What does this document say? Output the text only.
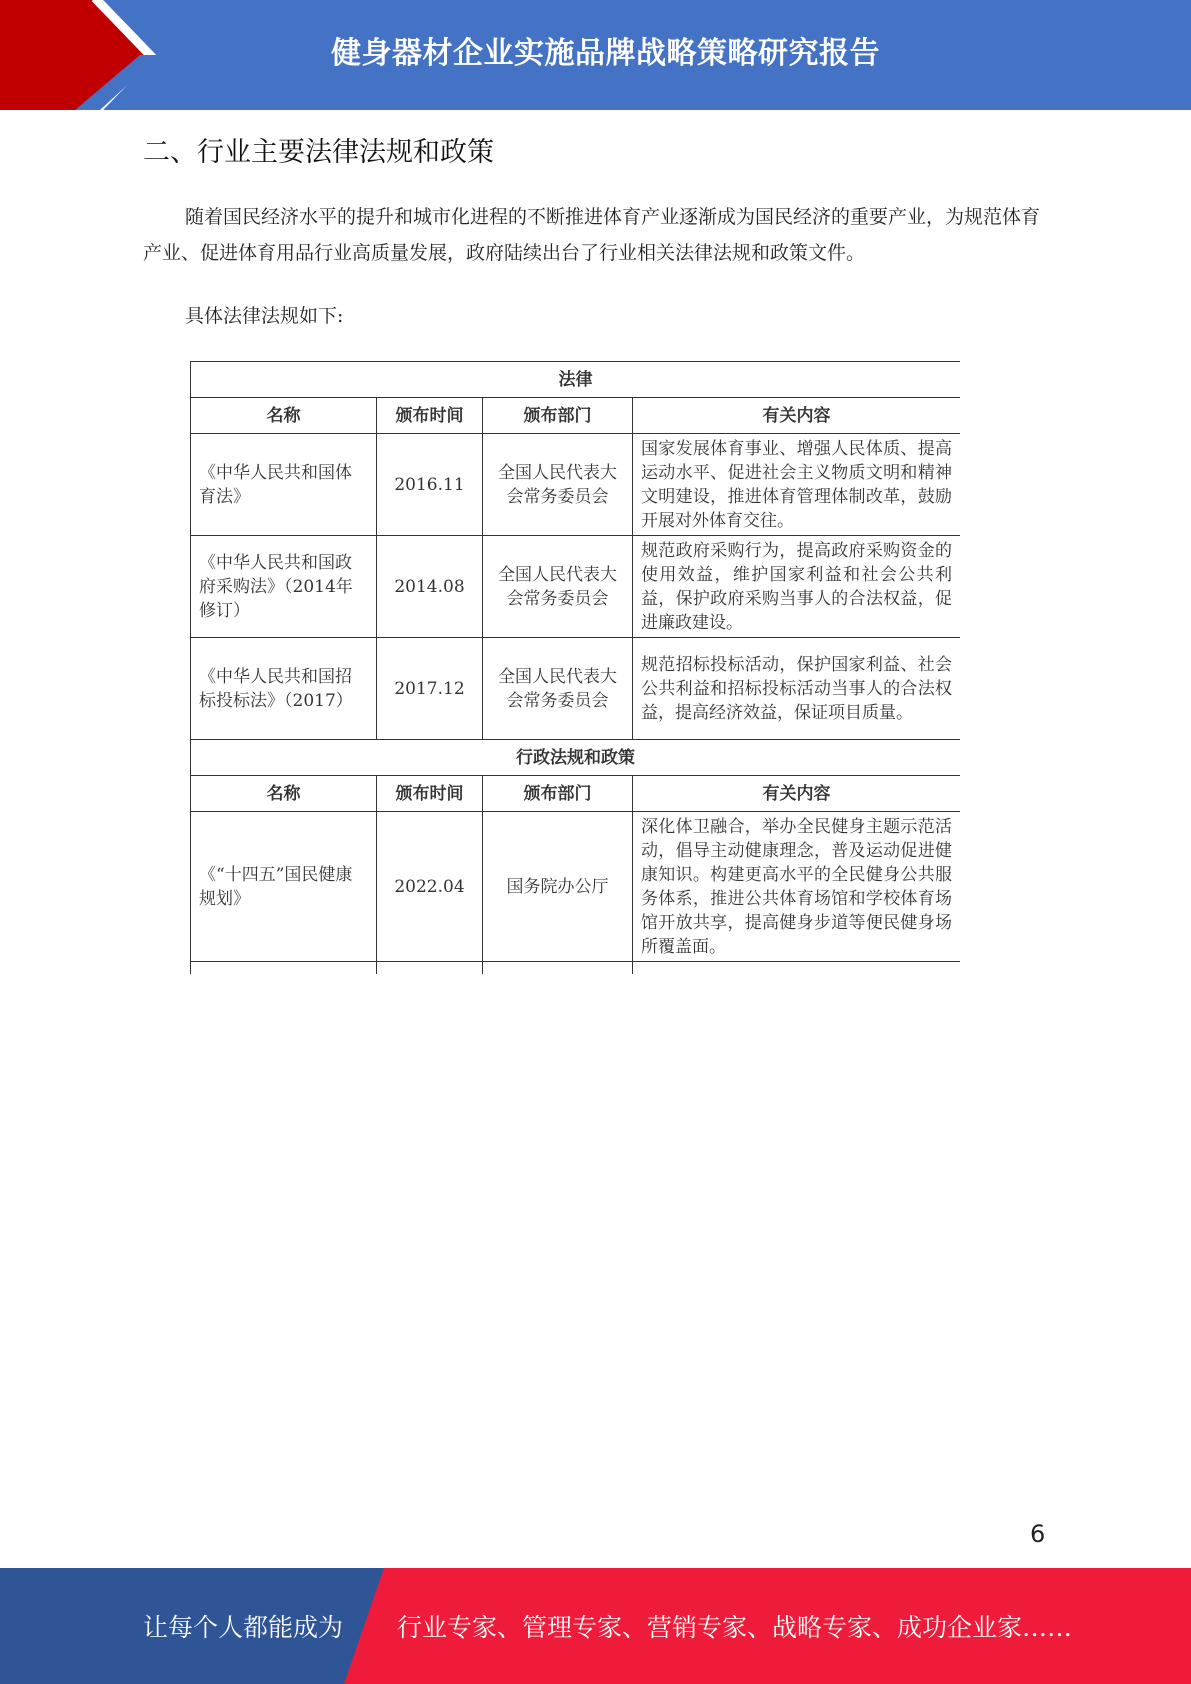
健身器材企业实施品牌战略策略研究报告
二、行业主要法律法规和政策

随着国民经济水平的提升和城市化进程的不断推进体育产业逐渐成为国民经济的重要产业，为规范体育产业、促进体育用品行业高质量发展，政府陆续出台了行业相关法律法规和政策文件。

具体法律法规如下:

法律			
名称	颁布时间	颁布部门	有关内容
《中华人民共和国体育法》	2016.11	全国人民代表大会常务委员会	国家发展体育事业、增强人民体质、提高运动水平、促进社会主义物质文明和精神文明建设，推进体育管理体制改革，鼓励开展对外体育交往。
《中华人民共和国政府采购法》（2014年修订）	2014.08	全国人民代表大会常务委员会	规范政府采购行为，提高政府采购资金的使用效益，维护国家利益和社会公共利益，保护政府采购当事人的合法权益，促进廉政建设。
《中华人民共和国招标投标法》（2017）	2017.12	全国人民代表大会常务委员会	规范招标投标活动，保护国家利益、社会公共利益和招标投标活动当事人的合法权益，提高经济效益，保证项目质量。
行政法规和政策			
名称	颁布时间	颁布部门	有关内容
《“十四五”国民健康规划》	2022.04	国务院办公厅	深化体卫融合，举办全民健身主题示范活动，倡导主动健康理念，普及运动促进健康知识。构建更高水平的全民健身公共服务体系，推进公共体育场馆和学校体育场馆开放共享，提高健身步道等便民健身场所覆盖面。

6
让每个人都能成为 行业专家、管理专家、营销专家、战略专家、成功企业家……
